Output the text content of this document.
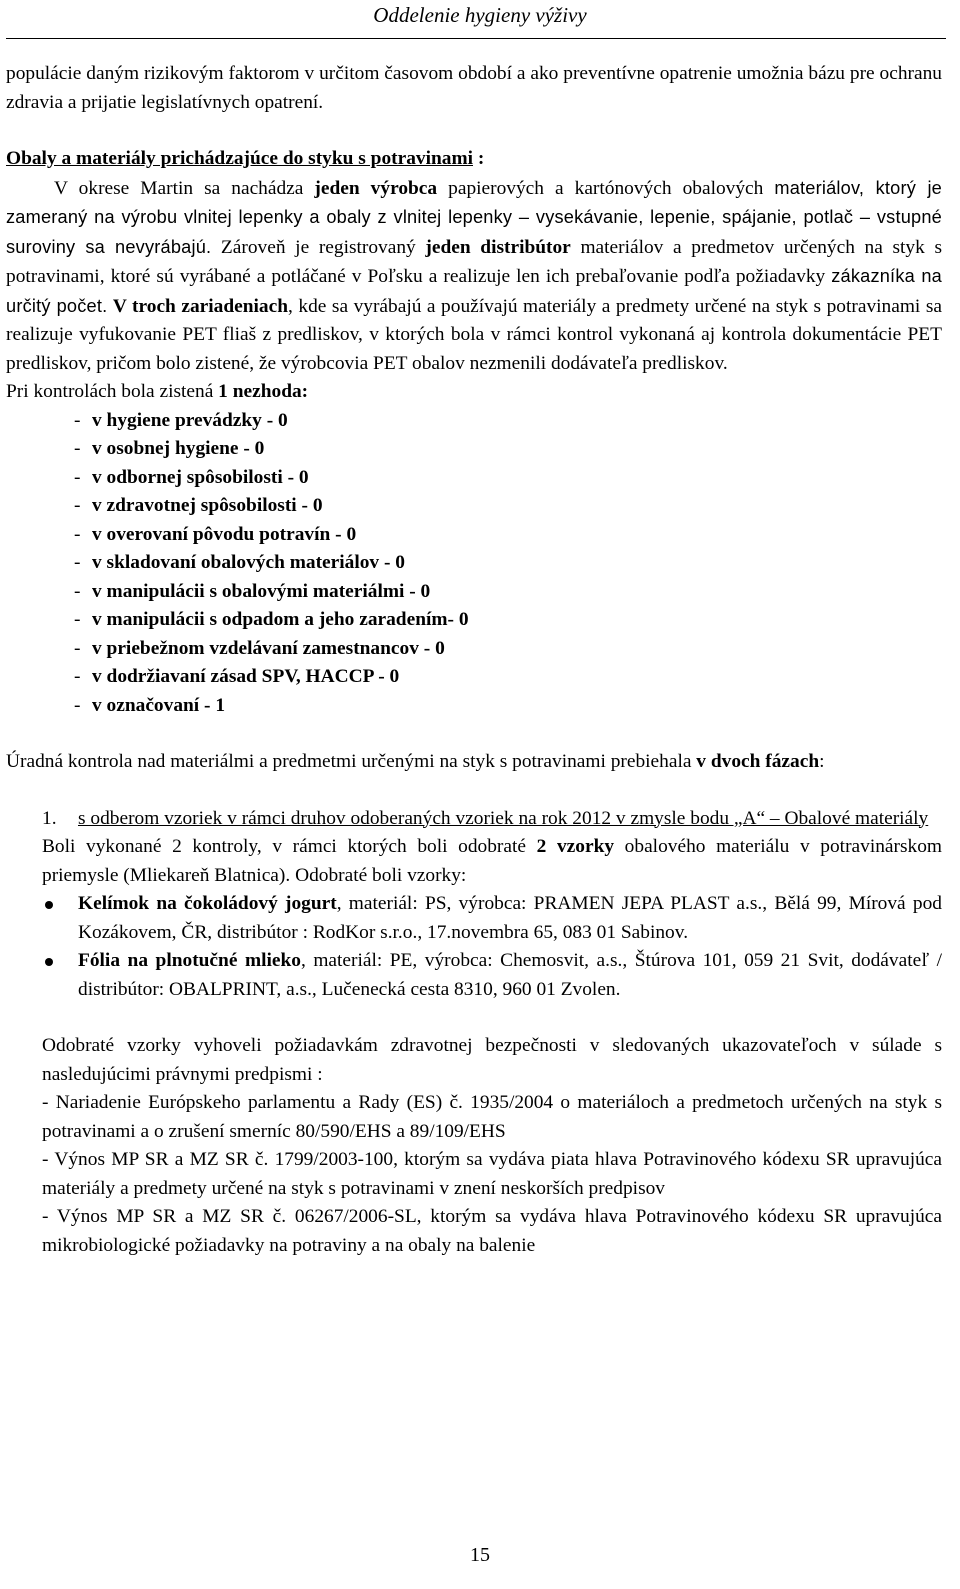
Oddelenie hygieny výživy

populácie daným rizikovým faktorom v určitom časovom období a ako preventívne opatrenie umožnia bázu pre ochranu zdravia a prijatie legislatívnych opatrení.

Obaly a materiály prichádzajúce do styku s potravinami :

V okrese Martin sa nachádza jeden výrobca papierových a kartónových obalových materiálov, ktorý je zameraný na výrobu vlnitej lepenky a obaly z vlnitej lepenky – vysekávanie, lepenie, spájanie, potlač – vstupné suroviny sa nevyrábajú. Zároveň je registrovaný jeden distribútor materiálov a predmetov určených na styk s potravinami, ktoré sú vyrábané a potláčané v Poľsku a realizuje len ich prebaľovanie podľa požiadavky zákazníka na určitý počet. V troch zariadeniach, kde sa vyrábajú a používajú materiály a predmety určené na styk s potravinami sa realizuje vyfukovanie PET fliaš z predliskov, v ktorých bola v rámci kontrol vykonaná aj kontrola dokumentácie PET predliskov, pričom bolo zistené, že výrobcovia PET obalov nezmenili dodávateľa predliskov.

Pri kontrolách bola zistená 1 nezhoda:

- v hygiene prevádzky - 0
- v osobnej hygiene - 0
- v odbornej spôsobilosti - 0
- v zdravotnej spôsobilosti - 0
- v overovaní pôvodu potravín - 0
- v skladovaní obalových materiálov - 0
- v manipulácii s obalovými materiálmi - 0
- v manipulácii s odpadom a jeho zaradením- 0
- v priebežnom vzdelávaní zamestnancov - 0
- v dodržiavaní zásad SPV, HACCP - 0
- v označovaní - 1

Úradná kontrola nad materiálmi a predmetmi určenými na styk s potravinami prebiehala v dvoch fázach:

1. s odberom vzoriek v rámci druhov odoberaných vzoriek na rok 2012 v zmysle bodu „A“ – Obalové materiály

Boli vykonané 2 kontroly, v rámci ktorých boli odobraté 2 vzorky obalového materiálu v potravinárskom priemysle (Mliekareň Blatnica). Odobraté boli vzorky:

Kelímok na čokoládový jogurt, materiál: PS, výrobca: PRAMEN JEPA PLAST a.s., Bělá 99, Mírová pod Kozákovem, ČR, distribútor : RodKor s.r.o., 17.novembra 65, 083 01 Sabinov.
Fólia na plnotučné mlieko, materiál: PE, výrobca: Chemosvit, a.s., Štúrova 101, 059 21 Svit, dodávateľ / distribútor: OBALPRINT, a.s., Lučenecká cesta 8310, 960 01 Zvolen.

Odobraté vzorky vyhoveli požiadavkám zdravotnej bezpečnosti v sledovaných ukazovateľoch v súlade s nasledujúcimi právnymi predpismi :

- Nariadenie Európskeho parlamentu a Rady (ES) č. 1935/2004 o materiáloch a predmetoch určených na styk s potravinami a o zrušení smerníc 80/590/EHS a 89/109/EHS

- Výnos MP SR a MZ SR č. 1799/2003-100, ktorým sa vydáva piata hlava Potravinového kódexu SR upravujúca materiály a predmety určené na styk s potravinami v znení neskorších predpisov

- Výnos MP SR a MZ SR č. 06267/2006-SL, ktorým sa vydáva hlava Potravinového kódexu SR upravujúca mikrobiologické požiadavky na potraviny a na obaly na balenie

15
